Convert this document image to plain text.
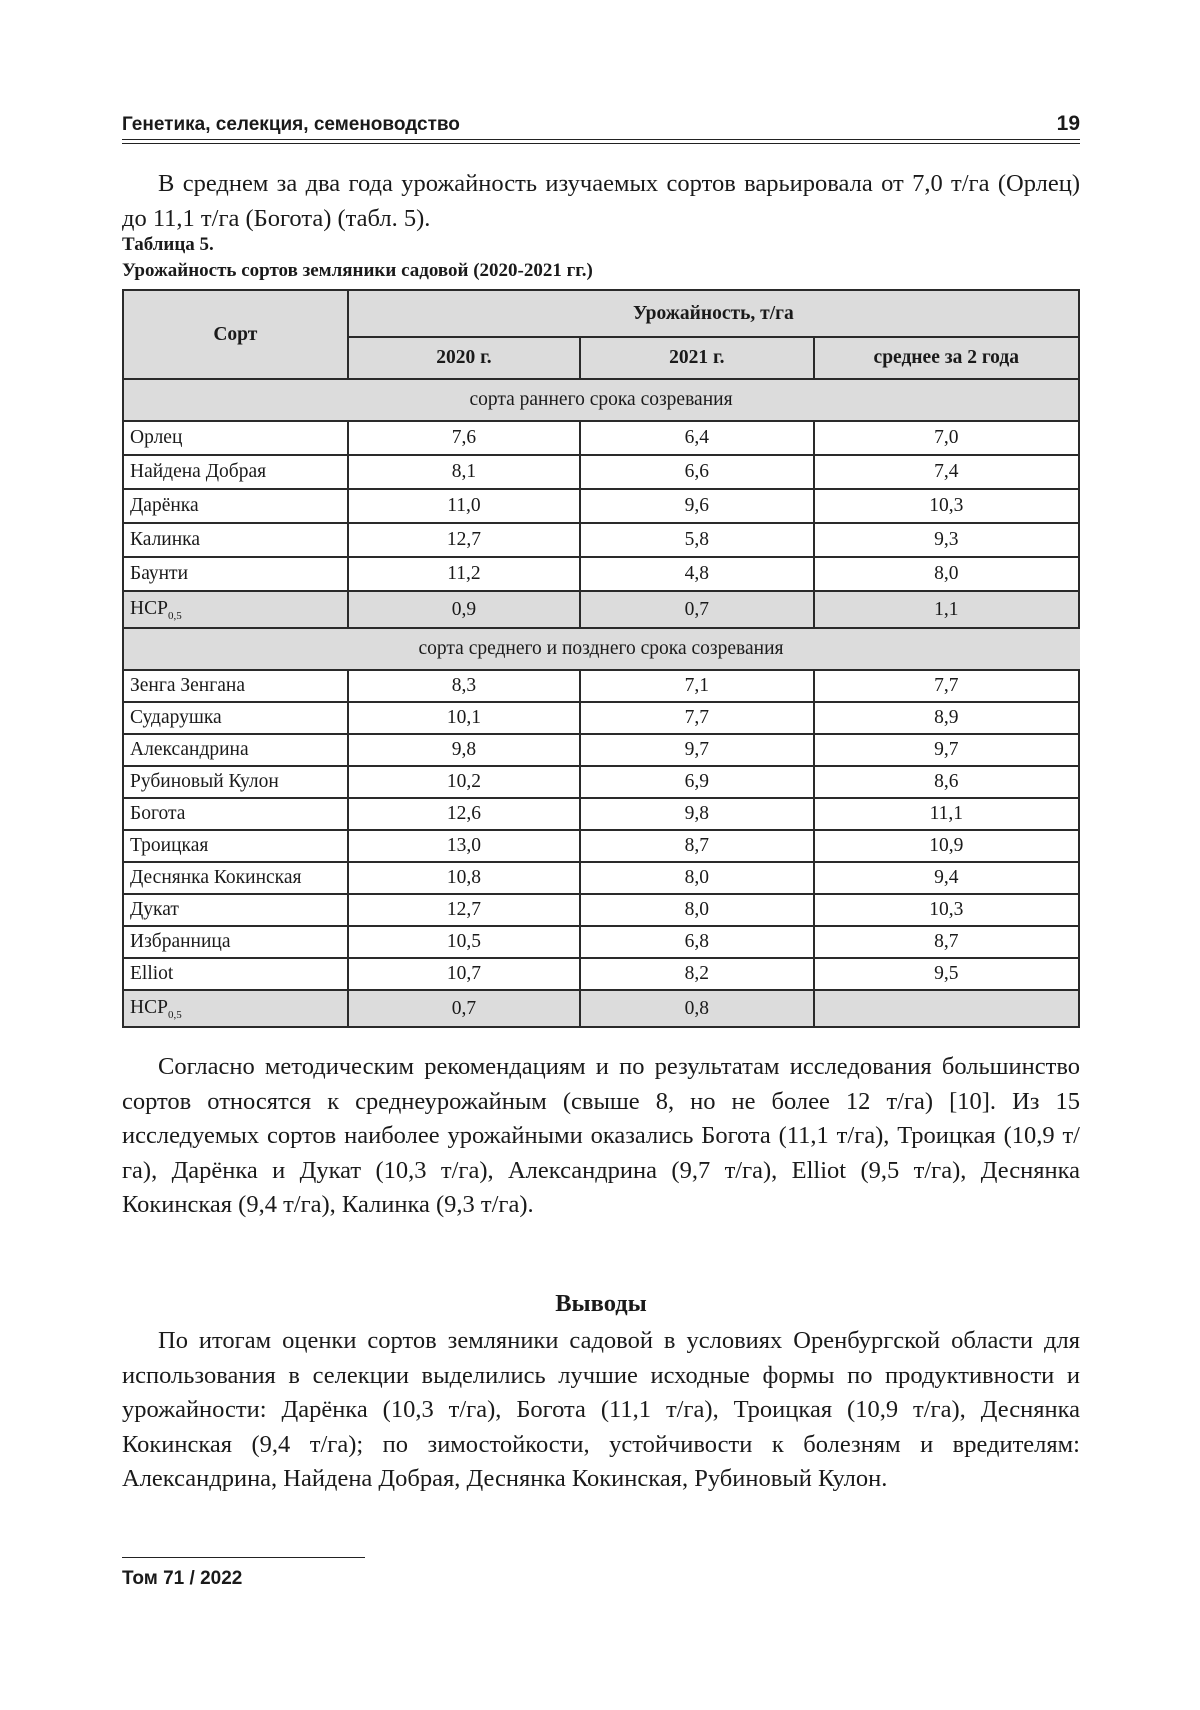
Генетика, селекция, семеноводство	19

В среднем за два года урожайность изучаемых сортов варьировала от 7,0 т/га (Орлец) до 11,1 т/га (Богота) (табл. 5).

Таблица 5.
Урожайность сортов земляники садовой (2020-2021 гг.)
Сорт	Урожайность, т/га		
	2020 г.	2021 г.	среднее за 2 года
сорта раннего срока созревания			
Орлец	7,6	6,4	7,0
Найдена Добрая	8,1	6,6	7,4
Дарёнка	11,0	9,6	10,3
Калинка	12,7	5,8	9,3
Баунти	11,2	4,8	8,0
$НСР_{0,5}$	0,9	0,7	1,1
сорта среднего и позднего срока созревания			
Зенга Зенгана	8,3	7,1	7,7
Сударушка	10,1	7,7	8,9
Александрина	9,8	9,7	9,7
Рубиновый Кулон	10,2	6,9	8,6
Богота	12,6	9,8	11,1
Троицкая	13,0	8,7	10,9
Деснянка Кокинская	10,8	8,0	9,4
Дукат	12,7	8,0	10,3
Избранница	10,5	6,8	8,7
Elliot	10,7	8,2	9,5
$НСР_{0,5}$	0,7	0,8	

Согласно методическим рекомендациям и по результатам исследования большинство сортов относятся к среднеурожайным (свыше 8, но не более 12 т/га) [10]. Из 15 исследуемых сортов наиболее урожайными оказались Богота (11,1 т/га), Троицкая (10,9 т/га), Дарёнка и Дукат (10,3 т/га), Александрина (9,7 т/га), Elliot (9,5 т/га), Деснянка Кокинская (9,4 т/га), Калинка (9,3 т/га).

Выводы

По итогам оценки сортов земляники садовой в условиях Оренбургской области для использования в селекции выделились лучшие исходные формы по продуктивности и урожайности: Дарёнка (10,3 т/га), Богота (11,1 т/га), Троицкая (10,9 т/га), Деснянка Кокинская (9,4 т/га); по зимостойкости, устойчивости к болезням и вредителям: Александрина, Найдена Добрая, Деснянка Кокинская, Рубиновый Кулон.

Том 71 / 2022
